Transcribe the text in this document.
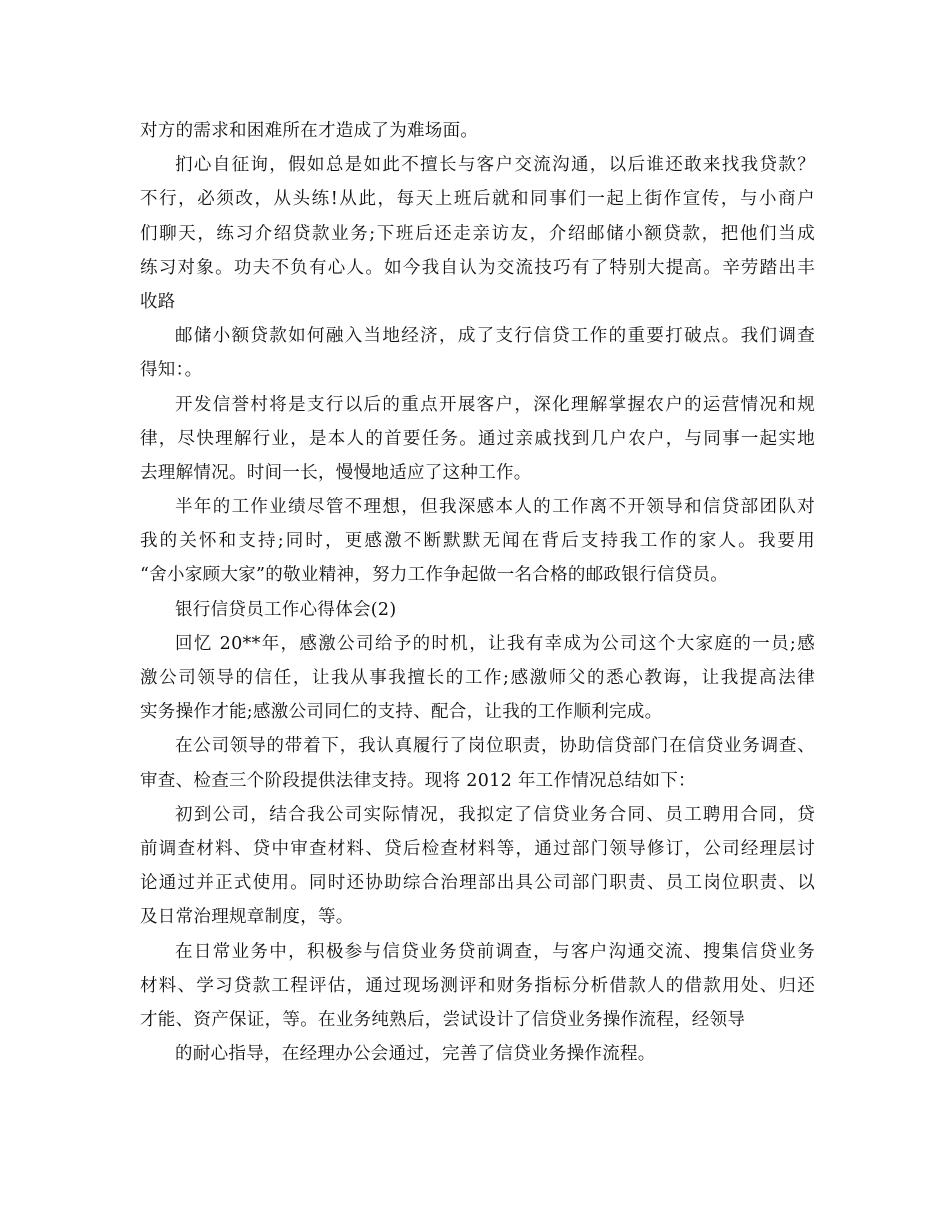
对方的需求和困难所在才造成了为难场面。
扪心自征询，假如总是如此不擅长与客户交流沟通，以后谁还敢来找我贷款？
不行，必须改，从头练!从此，每天上班后就和同事们一起上街作宣传，与小商户
们聊天，练习介绍贷款业务;下班后还走亲访友，介绍邮储小额贷款，把他们当成
练习对象。功夫不负有心人。如今我自认为交流技巧有了特别大提高。辛劳踏出丰
收路
邮储小额贷款如何融入当地经济，成了支行信贷工作的重要打破点。我们调查
得知：。
开发信誉村将是支行以后的重点开展客户，深化理解掌握农户的运营情况和规
律，尽快理解行业，是本人的首要任务。通过亲戚找到几户农户，与同事一起实地
去理解情况。时间一长，慢慢地适应了这种工作。
半年的工作业绩尽管不理想，但我深感本人的工作离不开领导和信贷部团队对
我的关怀和支持;同时，更感激不断默默无闻在背后支持我工作的家人。我要用
“舍小家顾大家”的敬业精神，努力工作争起做一名合格的邮政银行信贷员。
银行信贷员工作心得体会(2)
回忆 20**年，感激公司给予的时机，让我有幸成为公司这个大家庭的一员;感
激公司领导的信任，让我从事我擅长的工作;感激师父的悉心教诲，让我提高法律
实务操作才能;感激公司同仁的支持、配合，让我的工作顺利完成。
在公司领导的带着下，我认真履行了岗位职责，协助信贷部门在信贷业务调查、
审查、检查三个阶段提供法律支持。现将 2012 年工作情况总结如下：
初到公司，结合我公司实际情况，我拟定了信贷业务合同、员工聘用合同，贷
前调查材料、贷中审查材料、贷后检查材料等，通过部门领导修订，公司经理层讨
论通过并正式使用。同时还协助综合治理部出具公司部门职责、员工岗位职责、以
及日常治理规章制度，等。
在日常业务中，积极参与信贷业务贷前调查，与客户沟通交流、搜集信贷业务
材料、学习贷款工程评估，通过现场测评和财务指标分析借款人的借款用处、归还
才能、资产保证，等。在业务纯熟后，尝试设计了信贷业务操作流程，经领导
的耐心指导，在经理办公会通过，完善了信贷业务操作流程。
